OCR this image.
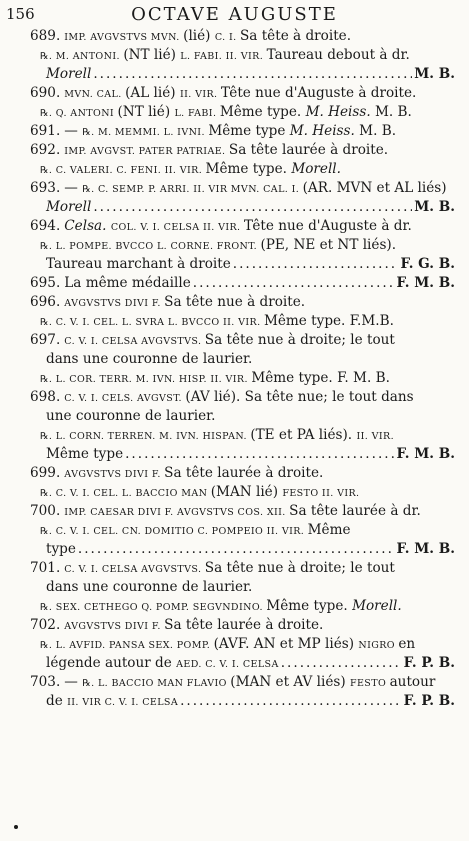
156	OCTAVE AUGUSTE
689. IMP. AVGVSTVS MVN. (lié) C. I. Sa tête à droite.
℞. M. ANTONI. (NT lié) L. FABI. II. VIR. Taureau debout à dr.
Morell .....	M. B.
690. MVN. CAL. (AL lié) II. VIR. Tête nue d'Auguste à droite.
℞. Q. ANTONI (NT lié) L. FABI. Même type. M. Heiss. M. B.
691. — ℞. M. MEMMI. L. IVNI. Même type M. Heiss. M. B.
692. IMP. AVGVST. PATER PATRIAE. Sa tête laurée à droite.
℞. C. VALERI. C. FENI. II. VIR. Même type. Morell.
693. — ℞. C. SEMP. P. ARRI. II. VIR MVN. CAL. I. (AR. MVN et AL liés)
Morell .....	M. B.
694. Celsa. COL. V. I. CELSA II. VIR. Tête nue d'Auguste à dr.
℞. L. POMPE. BVCCO L. CORNE. FRONT. (PE, NE et NT liés).
Taureau marchant à droite .....	F. G. B.
695. La même médaille .....	F. M. B.
696. AVGVSTVS DIVI F. Sa tête nue à droite.
℞. C. V. I. CEL. L. SVRA L. BVCCO II. VIR. Même type. F.M.B.
697. C. V. I. CELSA AVGVSTVS. Sa tête nue à droite; le tout
dans une couronne de laurier.
℞. L. COR. TERR. M. IVN. HISP. II. VIR. Même type. F. M. B.
698. C. V. I. CELS. AVGVST. (AV lié). Sa tête nue; le tout dans
une couronne de laurier.
℞. L. CORN. TERREN. M. IVN. HISPAN. (TE et PA liés). II. VIR.
Même type .....	F. M. B.
699. AVGVSTVS DIVI F. Sa tête laurée à droite.
℞. C. V. I. CEL. L. BACCIO MAN (MAN lié) FESTO II. VIR.
700. IMP. CAESAR DIVI F. AVGVSTVS COS. XII. Sa tête laurée à dr.
℞. C. V. I. CEL. CN. DOMITIO C. POMPEIO II. VIR. Même
type .....	F. M. B.
701. C. V. I. CELSA AVGVSTVS. Sa tête nue à droite; le tout
dans une couronne de laurier.
℞. SEX. CETHEGO Q. POMP. SEGVNDINO. Même type. Morell.
702. AVGVSTVS DIVI F. Sa tête laurée à droite.
℞. L. AVFID. PANSA SEX. POMP. (AVF. AN et MP liés) NIGRO en
légende autour de AED. C. V. I. CELSA .....	F. P. B.
703. — ℞. L. BACCIO MAN FLAVIO (MAN et AV liés) FESTO autour
de II. VIR C. V. I. CELSA .....	F. P. B.
